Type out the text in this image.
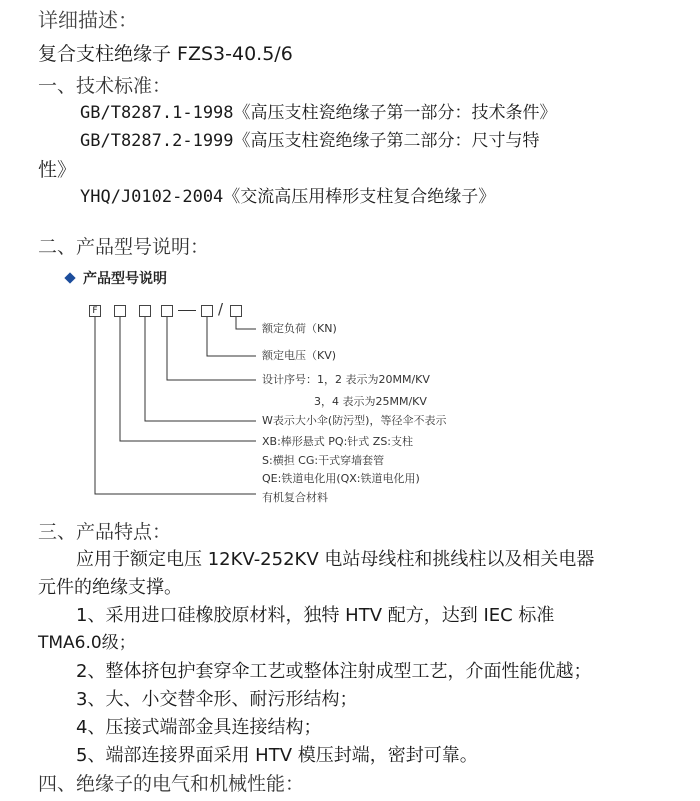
详细描述：
复合支柱绝缘子 FZS3-40.5/6
一、技术标准：
GB/T8287.1-1998《高压支柱瓷绝缘子第一部分：技术条件》
GB/T8287.2-1999《高压支柱瓷绝缘子第二部分：尺寸与特
性》
YHQ/J0102-2004《交流高压用棒形支柱复合绝缘子》
二、产品型号说明：
产品型号说明
F	/
额定负荷（KN)
额定电压（KV)
设计序号：1，2 表示为20MM/KV
3，4 表示为25MM/KV
W表示大小伞(防污型)，等径伞不表示
XB:棒形悬式 PQ:针式 ZS:支柱
S:横担 CG:干式穿墙套管
QE:铁道电化用(QX:铁道电化用)
有机复合材料
三、产品特点：
应用于额定电压 12KV-252KV 电站母线柱和挑线柱以及相关电器
元件的绝缘支撑。
1、采用进口硅橡胶原材料，独特 HTV 配方，达到 IEC 标准
TMA6.0级；
2、整体挤包护套穿伞工艺或整体注射成型工艺，介面性能优越；
3、大、小交替伞形、耐污形结构；
4、压接式端部金具连接结构；
5、端部连接界面采用 HTV 模压封端，密封可靠。
四、绝缘子的电气和机械性能：
